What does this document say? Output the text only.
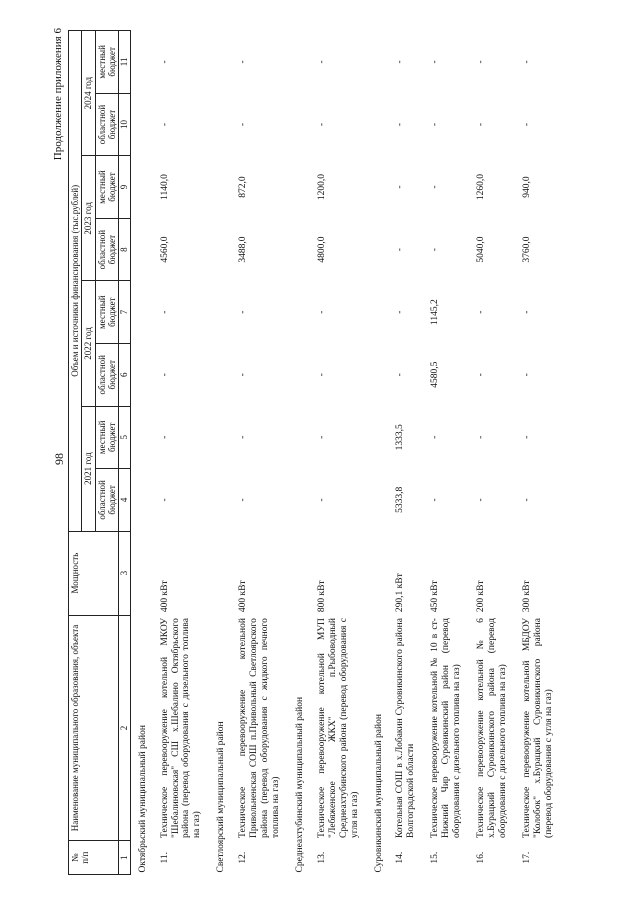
98
Продолжение приложения 6
№
п/п	Наименование муниципального образования, объекта	Мощность	Объем и источники финансирования (тыс.рублей)							
			2021 год		2022 год		2023 год		2024 год	
			областной бюджет	местный бюджет	областной бюджет	местный бюджет	областной бюджет	местный бюджет	областной бюджет	местный бюджет
1	2	3	4	5	6	7	8	9	10	11
Октябрьский муниципальный район										
11.	Техническое перевооружение котельной МКОУ "Шебалиновская" СШ х.Шебалино Октябрьского района (перевод оборудования с дизельного топлива на газ)	400 кВт	-	-	-	-	4560,0	1140,0	-	-
Светлоярский муниципальный район										
12.	Техническое перевооружение котельной Привольненская СОШ п.Привольный Светлоярского района (перевод оборудования с жидкого печного топлива на газ)	400 кВт	-	-	-	-	3488,0	872,0	-	-
Среднеахтубинский муниципальный район										
13.	Техническое перевооружение котельной МУП "Лебяженское ЖКХ" п.Рыбоводный Среднеахтубинского района (перевод оборудования с угля на газ)	800 кВт	-	-	-	-	4800,0	1200,0	-	-
Суровикинский муниципальный район										
14.	Котельная СОШ в х.Лобакин Суровикинского района Волгоградской области	290,1 кВт	5333,8	1333,5	-	-	-	-	-	-
15.	Техническое перевооружение котельной № 10 в ст-Нижний Чир Суровикинский район (перевод оборудования с дизельного топлива на газ)	450 кВт	-	-	4580,5	1145,2	-	-	-	-
16.	Техническое перевооружение котельной № 6 х.Бурацкий Суровикинского района (перевод оборудования с дизельного топлива на газ)	200 кВт	-	-	-	-	5040,0	1260,0	-	-
17.	Техническое перевооружение котельной МБДОУ "Колобок" х.Бурацкий Суровикинского района (перевод оборудования с угля на газ)	300 кВт	-	-	-	-	3760,0	940,0	-	-
